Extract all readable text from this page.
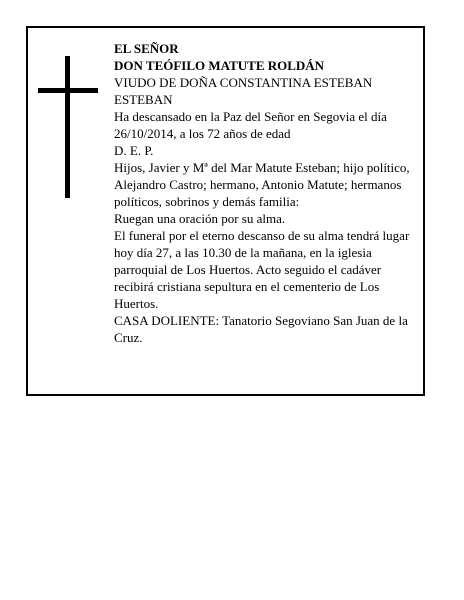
EL SEÑOR

DON TEÓFILO MATUTE ROLDÁN

VIUDO DE DOÑA CONSTANTINA ESTEBAN ESTEBAN

Ha descansado en la Paz del Señor en Segovia el día 26/10/2014, a los 72 años de edad

D. E. P.

Hijos, Javier y Mª del Mar Matute Esteban; hijo político, Alejandro Castro; hermano, Antonio Matute; hermanos políticos, sobrinos y demás familia:

Ruegan una oración por su alma.

El funeral por el eterno descanso de su alma tendrá lugar hoy día 27, a las 10.30 de la mañana, en la iglesia parroquial de Los Huertos. Acto seguido el cadáver recibirá cristiana sepultura en el cementerio de Los Huertos.

CASA DOLIENTE: Tanatorio Segoviano San Juan de la Cruz.
